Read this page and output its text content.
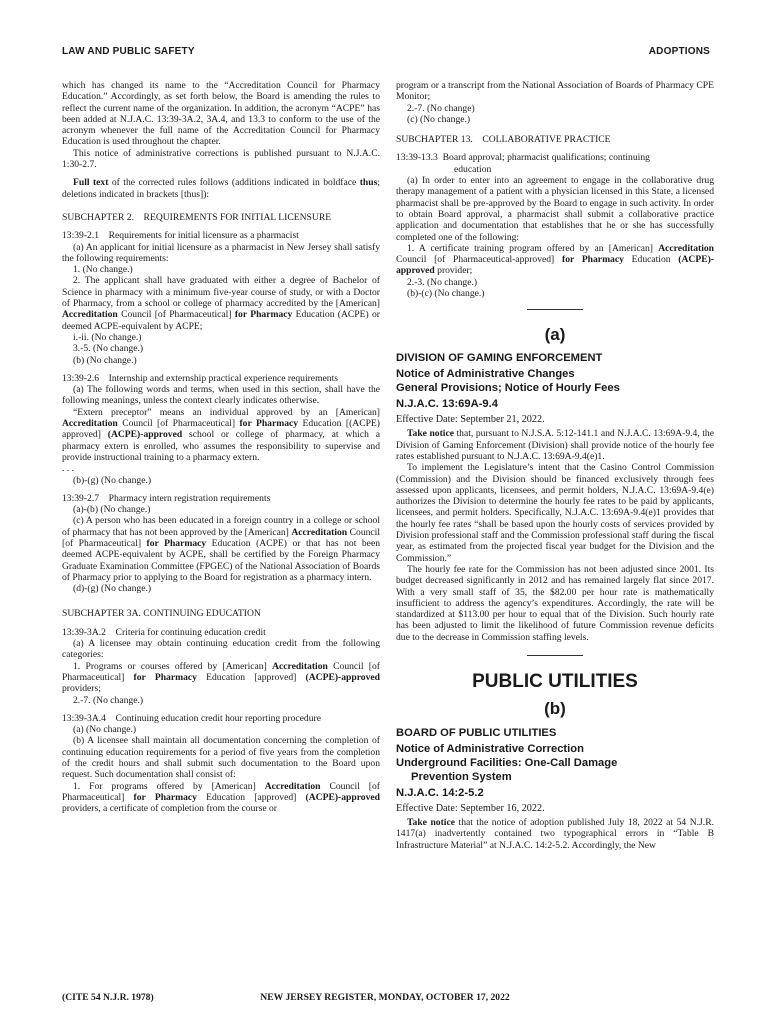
LAW AND PUBLIC SAFETY	ADOPTIONS

which has changed its name to the “Accreditation Council for Pharmacy Education.” Accordingly, as set forth below, the Board is amending the rules to reflect the current name of the organization. In addition, the acronym “ACPE” has been added at N.J.A.C. 13:39-3A.2, 3A.4, and 13.3 to conform to the use of the acronym whenever the full name of the Accreditation Council for Pharmacy Education is used throughout the chapter.

This notice of administrative corrections is published pursuant to N.J.A.C. 1:30-2.7.

Full text of the corrected rules follows (additions indicated in boldface thus; deletions indicated in brackets [thus]):

SUBCHAPTER 2.    REQUIREMENTS FOR INITIAL LICENSURE

13:39-2.1    Requirements for initial licensure as a pharmacist

(a) An applicant for initial licensure as a pharmacist in New Jersey shall satisfy the following requirements:

1. (No change.)

2. The applicant shall have graduated with either a degree of Bachelor of Science in pharmacy with a minimum five-year course of study, or with a Doctor of Pharmacy, from a school or college of pharmacy accredited by the [American] Accreditation Council [of Pharmaceutical] for Pharmacy Education (ACPE) or deemed ACPE-equivalent by ACPE;

i.-ii. (No change.)

3.-5. (No change.)

(b) (No change.)

13:39-2.6    Internship and externship practical experience requirements

(a) The following words and terms, when used in this section, shall have the following meanings, unless the context clearly indicates otherwise.

“Extern preceptor” means an individual approved by an [American] Accreditation Council [of Pharmaceutical] for Pharmacy Education [(ACPE) approved] (ACPE)-approved school or college of pharmacy, at which a pharmacy extern is enrolled, who assumes the responsibility to supervise and provide instructional training to a pharmacy extern.

. . .

(b)-(g) (No change.)

13:39-2.7    Pharmacy intern registration requirements

(a)-(b) (No change.)

(c) A person who has been educated in a foreign country in a college or school of pharmacy that has not been approved by the [American] Accreditation Council [of Pharmaceutical] for Pharmacy Education (ACPE) or that has not been deemed ACPE-equivalent by ACPE, shall be certified by the Foreign Pharmacy Graduate Examination Committee (FPGEC) of the National Association of Boards of Pharmacy prior to applying to the Board for registration as a pharmacy intern.

(d)-(g) (No change.)

SUBCHAPTER 3A. CONTINUING EDUCATION

13:39-3A.2    Criteria for continuing education credit

(a) A licensee may obtain continuing education credit from the following categories:

1. Programs or courses offered by [American] Accreditation Council [of Pharmaceutical] for Pharmacy Education [approved] (ACPE)-approved providers;

2.-7. (No change.)

13:39-3A.4    Continuing education credit hour reporting procedure

(a) (No change.)

(b) A licensee shall maintain all documentation concerning the completion of continuing education requirements for a period of five years from the completion of the credit hours and shall submit such documentation to the Board upon request. Such documentation shall consist of:

1. For programs offered by [American] Accreditation Council [of Pharmaceutical] for Pharmacy Education [approved] (ACPE)-approved providers, a certificate of completion from the course or

program or a transcript from the National Association of Boards of Pharmacy CPE Monitor;

2.-7. (No change)

(c) (No change.)

SUBCHAPTER 13.    COLLABORATIVE PRACTICE

13:39-13.3  Board approval; pharmacist qualifications; continuing

education

(a) In order to enter into an agreement to engage in the collaborative drug therapy management of a patient with a physician licensed in this State, a licensed pharmacist shall be pre-approved by the Board to engage in such activity. In order to obtain Board approval, a pharmacist shall submit a collaborative practice application and documentation that establishes that he or she has successfully completed one of the following:

1. A certificate training program offered by an [American] Accreditation Council [of Pharmaceutical-approved] for Pharmacy Education (ACPE)-approved provider;

2.-3. (No change.)

(b)-(c) (No change.)

(a)

DIVISION OF GAMING ENFORCEMENT

Notice of Administrative Changes

General Provisions; Notice of Hourly Fees

N.J.A.C. 13:69A-9.4

Effective Date: September 21, 2022.

Take notice that, pursuant to N.J.S.A. 5:12-141.1 and N.J.A.C. 13:69A-9.4, the Division of Gaming Enforcement (Division) shall provide notice of the hourly fee rates established pursuant to N.J.A.C. 13:69A-9.4(e)1.

To implement the Legislature’s intent that the Casino Control Commission (Commission) and the Division should be financed exclusively through fees assessed upon applicants, licensees, and permit holders, N.J.A.C. 13:69A-9.4(e) authorizes the Division to determine the hourly fee rates to be paid by applicants, licensees, and permit holders. Specifically, N.J.A.C. 13:69A-9.4(e)1 provides that the hourly fee rates “shall be based upon the hourly costs of services provided by Division professional staff and the Commission professional staff during the fiscal year, as estimated from the projected fiscal year budget for the Division and the Commission.”

The hourly fee rate for the Commission has not been adjusted since 2001. Its budget decreased significantly in 2012 and has remained largely flat since 2017. With a very small staff of 35, the $82.00 per hour rate is mathematically insufficient to address the agency’s expenditures. Accordingly, the rate will be standardized at $113.00 per hour to equal that of the Division. Such hourly rate has been adjusted to limit the likelihood of future Commission revenue deficits due to the decrease in Commission staffing levels.

PUBLIC UTILITIES
(b)

BOARD OF PUBLIC UTILITIES

Notice of Administrative Correction

Underground Facilities: One-Call Damage

Prevention System

N.J.A.C. 14:2-5.2

Effective Date: September 16, 2022.

Take notice that the notice of adoption published July 18, 2022 at 54 N.J.R. 1417(a) inadvertently contained two typographical errors in “Table B Infrastructure Material” at N.J.A.C. 14:2-5.2. Accordingly, the New

(CITE 54 N.J.R. 1978)	NEW JERSEY REGISTER, MONDAY, OCTOBER 17, 2022
